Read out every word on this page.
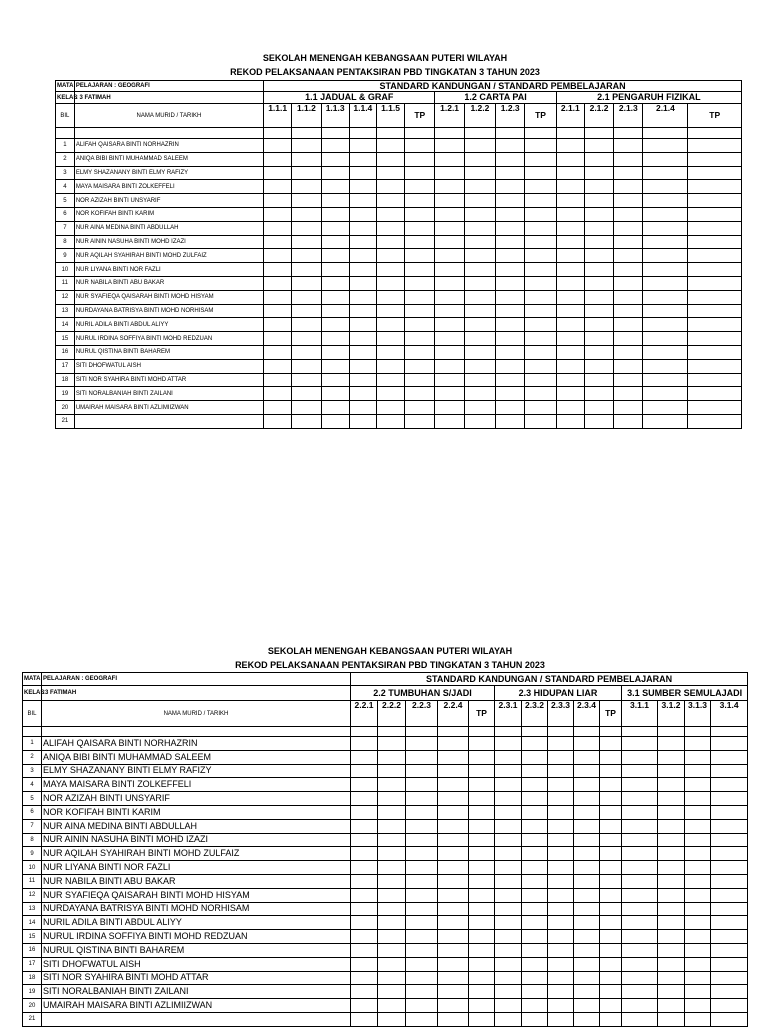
SEKOLAH MENENGAH KEBANGSAAN PUTERI WILAYAH
REKOD PELAKSANAAN PENTAKSIRAN PBD TINGKATAN 3 TAHUN 2023
MATA	PELAJARAN : GEOGRAFI	STANDARD KANDUNGAN / STANDARD PEMBELAJARAN														
KELAS	: 3 FATIMAH	1.1 JADUAL & GRAF						1.2 CARTA PAI				2.1 PENGARUH FIZIKAL				
BIL	NAMA MURID / TARIKH	1.1.1	1.1.2	1.1.3	1.1.4	1.1.5	TP	1.2.1	1.2.2	1.2.3	TP	2.1.1	2.1.2	2.1.3	2.1.4	TP

1	ALIFAH QAISARA BINTI NORHAZRIN															
2	ANIQA BIBI BINTI MUHAMMAD SALEEM															
3	ELMY SHAZANANY BINTI ELMY RAFIZY															
4	MAYA MAISARA BINTI ZOLKEFFELI															
5	NOR AZIZAH BINTI UNSYARIF															
6	NOR KOFIFAH BINTI KARIM															
7	NUR AINA MEDINA BINTI ABDULLAH															
8	NUR AININ NASUHA BINTI MOHD IZAZI															
9	NUR AQILAH SYAHIRAH BINTI MOHD ZULFAIZ															
10	NUR LIYANA BINTI NOR FAZLI															
11	NUR NABILA BINTI ABU BAKAR															
12	NUR SYAFIEQA QAISARAH BINTI MOHD HISYAM															
13	NURDAYANA BATRISYA BINTI MOHD NORHISAM															
14	NURIL ADILA BINTI ABDUL ALIYY															
15	NURUL IRDINA SOFFIYA BINTI MOHD REDZUAN															
16	NURUL QISTINA BINTI BAHAREM															
17	SITI DHOFWATUL AISH															
18	SITI NOR SYAHIRA BINTI MOHD ATTAR															
19	SITI NORALBANIAH BINTI ZAILANI															
20	UMAIRAH MAISARA BINTI AZLIMIIZWAN															
21																
SEKOLAH MENENGAH KEBANGSAAN PUTERI WILAYAH
REKOD PELAKSANAAN PENTAKSIRAN PBD TINGKATAN 3 TAHUN 2023
MATA	PELAJARAN : GEOGRAFI	STANDARD KANDUNGAN / STANDARD PEMBELAJARAN													
KELAS	:3 FATIMAH	2.2 TUMBUHAN S/JADI					2.3 HIDUPAN LIAR					3.1 SUMBER SEMULAJADI			
BIL	NAMA MURID / TARIKH	2.2.1	2.2.2	2.2.3	2.2.4	TP	2.3.1	2.3.2	2.3.3	2.3.4	TP	3.1.1	3.1.2	3.1.3	3.1.4

1	ALIFAH QAISARA BINTI NORHAZRIN														
2	ANIQA BIBI BINTI MUHAMMAD SALEEM														
3	ELMY SHAZANANY BINTI ELMY RAFIZY														
4	MAYA MAISARA BINTI ZOLKEFFELI														
5	NOR AZIZAH BINTI UNSYARIF														
6	NOR KOFIFAH BINTI KARIM														
7	NUR AINA MEDINA BINTI ABDULLAH														
8	NUR AININ NASUHA BINTI MOHD IZAZI														
9	NUR AQILAH SYAHIRAH BINTI MOHD ZULFAIZ														
10	NUR LIYANA BINTI NOR FAZLI														
11	NUR NABILA BINTI ABU BAKAR														
12	NUR SYAFIEQA QAISARAH BINTI MOHD HISYAM														
13	NURDAYANA BATRISYA BINTI MOHD NORHISAM														
14	NURIL ADILA BINTI ABDUL ALIYY														
15	NURUL IRDINA SOFFIYA BINTI MOHD REDZUAN														
16	NURUL QISTINA BINTI BAHAREM														
17	SITI DHOFWATUL AISH														
18	SITI NOR SYAHIRA BINTI MOHD ATTAR														
19	SITI NORALBANIAH BINTI ZAILANI														
20	UMAIRAH MAISARA BINTI AZLIMIIZWAN														
21															
